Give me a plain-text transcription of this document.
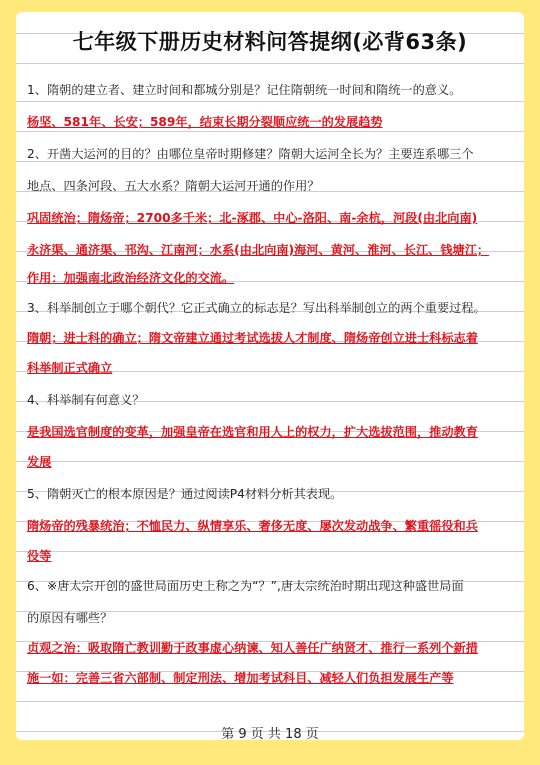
七年级下册历史材料问答提纲(必背63条)
1、隋朝的建立者、建立时间和都城分别是？记住隋朝统一时间和隋统一的意义。
杨坚、581年、长安；589年，结束长期分裂顺应统一的发展趋势
2、开凿大运河的目的？由哪位皇帝时期修建？隋朝大运河全长为？主要连系哪三个
地点、四条河段、五大水系？隋朝大运河开通的作用？
巩固统治；隋炀帝；2700多千米；北-涿郡、中心-洛阳、南-余杭，河段(由北向南)
永济渠、通济渠、邗沟、江南河；水系(由北向南)海河、黄河、淮河、长江、钱塘江；
作用：加强南北政治经济文化的交流。
3、科举制创立于哪个朝代？它正式确立的标志是？写出科举制创立的两个重要过程。
隋朝；进士科的确立；隋文帝建立通过考试选拔人才制度、隋炀帝创立进士科标志着
科举制正式确立
4、科举制有何意义？
是我国选官制度的变革，加强皇帝在选官和用人上的权力，扩大选拔范围，推动教育
发展
5、隋朝灭亡的根本原因是？通过阅读P4材料分析其表现。
隋炀帝的残暴统治；不恤民力、纵情享乐、奢侈无度、屡次发动战争、繁重徭役和兵
役等
6、※唐太宗开创的盛世局面历史上称之为“？”,唐太宗统治时期出现这种盛世局面
的原因有哪些？
贞观之治：吸取隋亡教训勤于政事虚心纳谏、知人善任广纳贤才、推行一系列个新措
施一如：完善三省六部制、制定刑法、增加考试科目、减轻人们负担发展生产等
第 9 页 共 18 页
